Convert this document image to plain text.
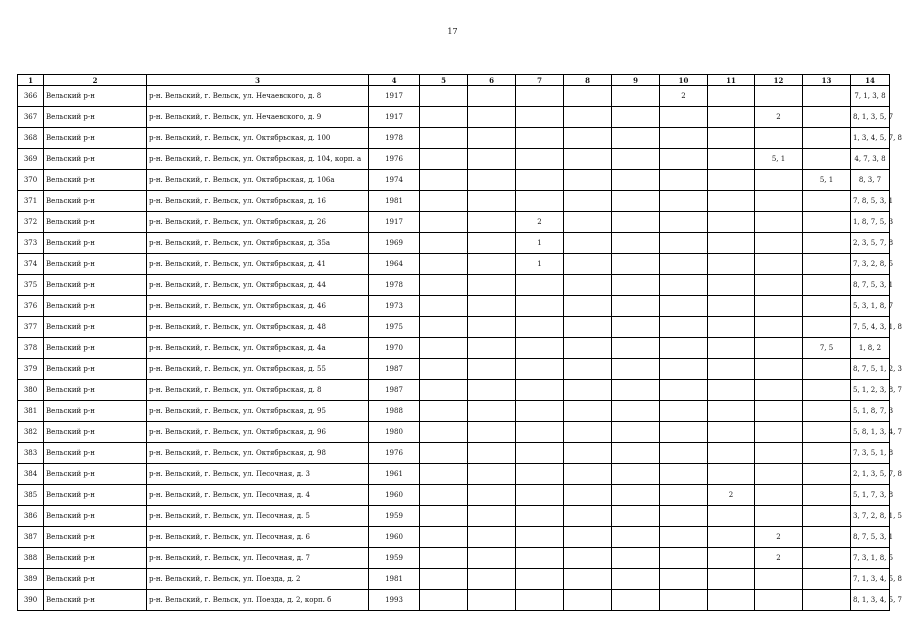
17
1	2	3	4	5	6	7	8	9	10	11	12	13	14
366	Вельский р-н	р-н. Вельский, г. Вельск, ул. Нечаевского, д. 8	1917						2				7, 1, 3, 8
367	Вельский р-н	р-н. Вельский, г. Вельск, ул. Нечаевского, д. 9	1917								2		8, 1, 3, 5, 7
368	Вельский р-н	р-н. Вельский, г. Вельск, ул. Октябрьская, д. 100	1978										1, 3, 4, 5, 7, 8
369	Вельский р-н	р-н. Вельский, г. Вельск, ул. Октябрьская, д. 104, корп. а	1976								5, 1		4, 7, 3, 8
370	Вельский р-н	р-н. Вельский, г. Вельск, ул. Октябрьская, д. 106а	1974									5, 1	8, 3, 7
371	Вельский р-н	р-н. Вельский, г. Вельск, ул. Октябрьская, д. 16	1981										7, 8, 5, 3, 1
372	Вельский р-н	р-н. Вельский, г. Вельск, ул. Октябрьская, д. 26	1917			2							1, 8, 7, 5, 3
373	Вельский р-н	р-н. Вельский, г. Вельск, ул. Октябрьская, д. 35а	1969			1							2, 3, 5, 7, 8
374	Вельский р-н	р-н. Вельский, г. Вельск, ул. Октябрьская, д. 41	1964			1							7, 3, 2, 8, 5
375	Вельский р-н	р-н. Вельский, г. Вельск, ул. Октябрьская, д. 44	1978										8, 7, 5, 3, 1
376	Вельский р-н	р-н. Вельский, г. Вельск, ул. Октябрьская, д. 46	1973										5, 3, 1, 8, 7
377	Вельский р-н	р-н. Вельский, г. Вельск, ул. Октябрьская, д. 48	1975										7, 5, 4, 3, 1, 8
378	Вельский р-н	р-н. Вельский, г. Вельск, ул. Октябрьская, д. 4а	1970									7, 5	1, 8, 2
379	Вельский р-н	р-н. Вельский, г. Вельск, ул. Октябрьская, д. 55	1987										8, 7, 5, 1, 2, 3
380	Вельский р-н	р-н. Вельский, г. Вельск, ул. Октябрьская, д. 8	1987										5, 1, 2, 3, 8, 7
381	Вельский р-н	р-н. Вельский, г. Вельск, ул. Октябрьская, д. 95	1988										5, 1, 8, 7, 3
382	Вельский р-н	р-н. Вельский, г. Вельск, ул. Октябрьская, д. 96	1980										5, 8, 1, 3, 4, 7
383	Вельский р-н	р-н. Вельский, г. Вельск, ул. Октябрьская, д. 98	1976										7, 3, 5, 1, 8
384	Вельский р-н	р-н. Вельский, г. Вельск, ул. Песочная, д. 3	1961										2, 1, 3, 5, 7, 8
385	Вельский р-н	р-н. Вельский, г. Вельск, ул. Песочная, д. 4	1960							2			5, 1, 7, 3, 8
386	Вельский р-н	р-н. Вельский, г. Вельск, ул. Песочная, д. 5	1959										3, 7, 2, 8, 1, 5
387	Вельский р-н	р-н. Вельский, г. Вельск, ул. Песочная, д. 6	1960								2		8, 7, 5, 3, 1
388	Вельский р-н	р-н. Вельский, г. Вельск, ул. Песочная, д. 7	1959								2		7, 3, 1, 8, 5
389	Вельский р-н	р-н. Вельский, г. Вельск, ул. Поезда, д. 2	1981										7, 1, 3, 4, 5, 8
390	Вельский р-н	р-н. Вельский, г. Вельск, ул. Поезда, д. 2, корп. б	1993										8, 1, 3, 4, 5, 7
